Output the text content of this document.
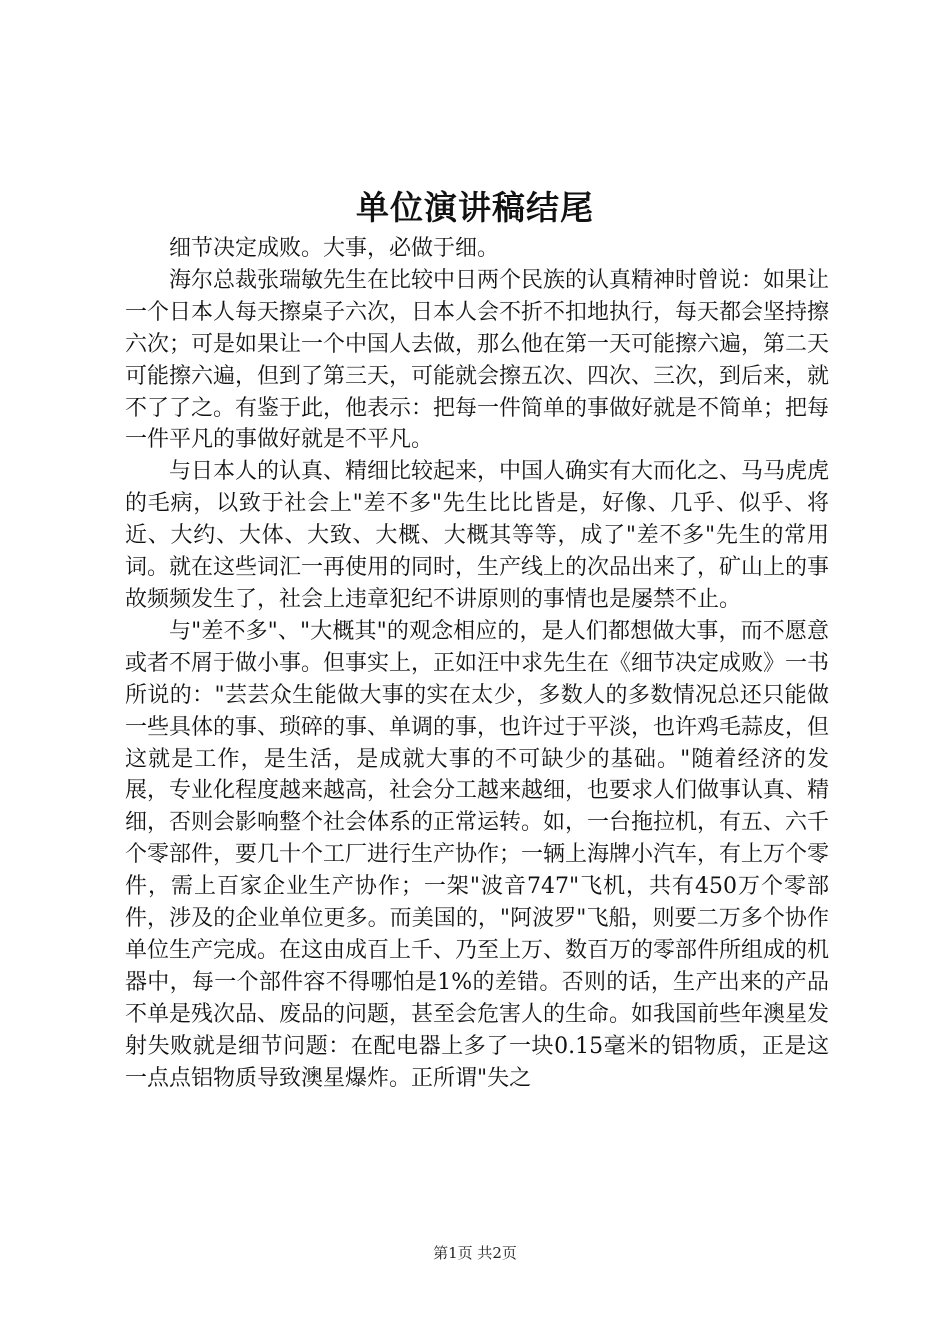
单位演讲稿结尾

细节决定成败。大事，必做于细。

海尔总裁张瑞敏先生在比较中日两个民族的认真精神时曾说：如果让一个日本人每天擦桌子六次，日本人会不折不扣地执行，每天都会坚持擦六次；可是如果让一个中国人去做，那么他在第一天可能擦六遍，第二天可能擦六遍，但到了第三天，可能就会擦五次、四次、三次，到后来，就不了了之。有鉴于此，他表示：把每一件简单的事做好就是不简单；把每一件平凡的事做好就是不平凡。

与日本人的认真、精细比较起来，中国人确实有大而化之、马马虎虎的毛病，以致于社会上"差不多"先生比比皆是，好像、几乎、似乎、将近、大约、大体、大致、大概、大概其等等，成了"差不多"先生的常用词。就在这些词汇一再使用的同时，生产线上的次品出来了，矿山上的事故频频发生了，社会上违章犯纪不讲原则的事情也是屡禁不止。

与"差不多"、"大概其"的观念相应的，是人们都想做大事，而不愿意或者不屑于做小事。但事实上，正如汪中求先生在《细节决定成败》一书所说的："芸芸众生能做大事的实在太少，多数人的多数情况总还只能做一些具体的事、琐碎的事、单调的事，也许过于平淡，也许鸡毛蒜皮，但这就是工作，是生活，是成就大事的不可缺少的基础。"随着经济的发展，专业化程度越来越高，社会分工越来越细，也要求人们做事认真、精细，否则会影响整个社会体系的正常运转。如，一台拖拉机，有五、六千个零部件，要几十个工厂进行生产协作；一辆上海牌小汽车，有上万个零件，需上百家企业生产协作；一架"波音747"飞机，共有450万个零部件，涉及的企业单位更多。而美国的，"阿波罗"飞船，则要二万多个协作单位生产完成。在这由成百上千、乃至上万、数百万的零部件所组成的机器中，每一个部件容不得哪怕是1%的差错。否则的话，生产出来的产品不单是残次品、废品的问题，甚至会危害人的生命。如我国前些年澳星发射失败就是细节问题：在配电器上多了一块0.15毫米的铝物质，正是这一点点铝物质导致澳星爆炸。正所谓"失之

第1页 共2页
